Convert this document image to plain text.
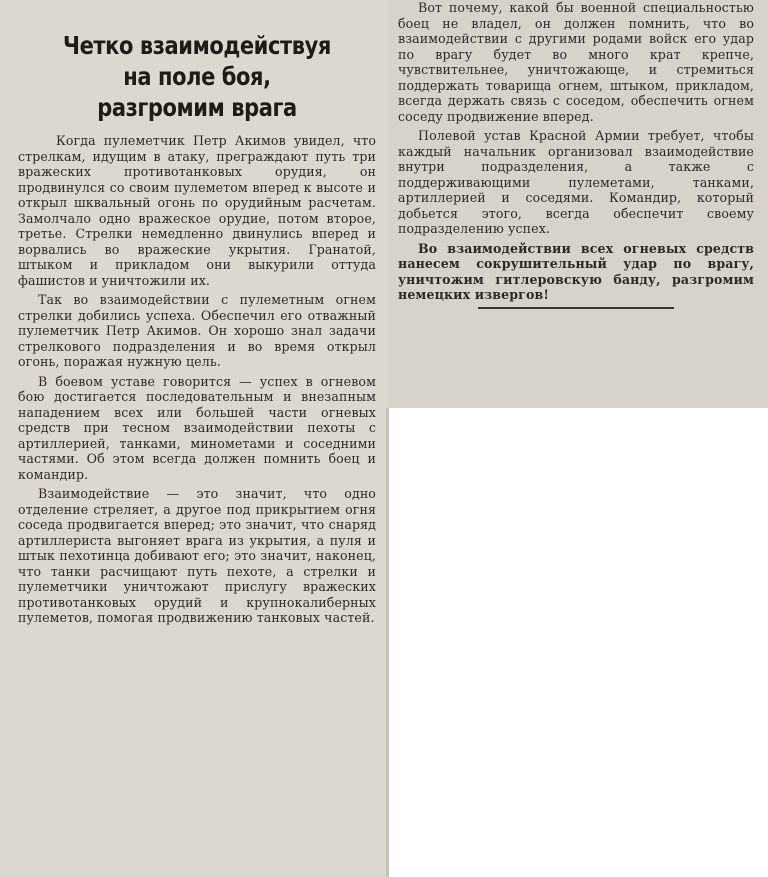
Четко взаимодействуя
на поле боя,
разгромим врага

Когда пулеметчик Петр Акимов увидел, что стрелкам, идущим в атаку, преграждают путь три вражеских противотанковых орудия, он продвинулся со своим пулеметом вперед к высоте и открыл шквальный огонь по орудийным расчетам. Замолчало одно вражеское орудие, потом второе, третье. Стрелки немедленно двинулись вперед и ворвались во вражеские укрытия. Гранатой, штыком и прикладом они выкурили оттуда фашистов и уничтожили их.

Так во взаимодействии с пулеметным огнем стрелки добились успеха. Обеспечил его отважный пулеметчик Петр Акимов. Он хорошо знал задачи стрелкового подразделения и во время открыл огонь, поражая нужную цель.

В боевом уставе говорится — успех в огневом бою достигается последовательным и внезапным нападением всех или большей части огневых средств при тесном взаимодействии пехоты с артиллерией, танками, минометами и соседними частями. Об этом всегда должен помнить боец и командир.

Взаимодействие — это значит, что одно отделение стреляет, а другое под прикрытием огня соседа продвигается вперед; это значит, что снаряд артиллериста выгоняет врага из укрытия, а пуля и штык пехотинца добивают его; это значит, наконец, что танки расчищают путь пехоте, а стрелки и пулеметчики уничтожают прислугу вражеских противотанковых орудий и крупнокалиберных пулеметов, помогая продвижению танковых частей.

Вот почему, какой бы военной специальностью боец не владел, он должен помнить, что во взаимодействии с другими родами войск его удар по врагу будет во много крат крепче, чувствительнее, уничтожающе, и стремиться поддержать товарища огнем, штыком, прикладом, всегда держать связь с соседом, обеспечить огнем соседу продвижение вперед.

Полевой устав Красной Армии требует, чтобы каждый начальник организовал взаимодействие внутри подразделения, а также с поддерживающими пулеметами, танками, артиллерией и соседями. Командир, который добьется этого, всегда обеспечит своему подразделению успех.

Во взаимодействии всех огневых средств нанесем сокрушительный удар по врагу, уничтожим гитлеровскую банду, разгромим немецких извергов!
